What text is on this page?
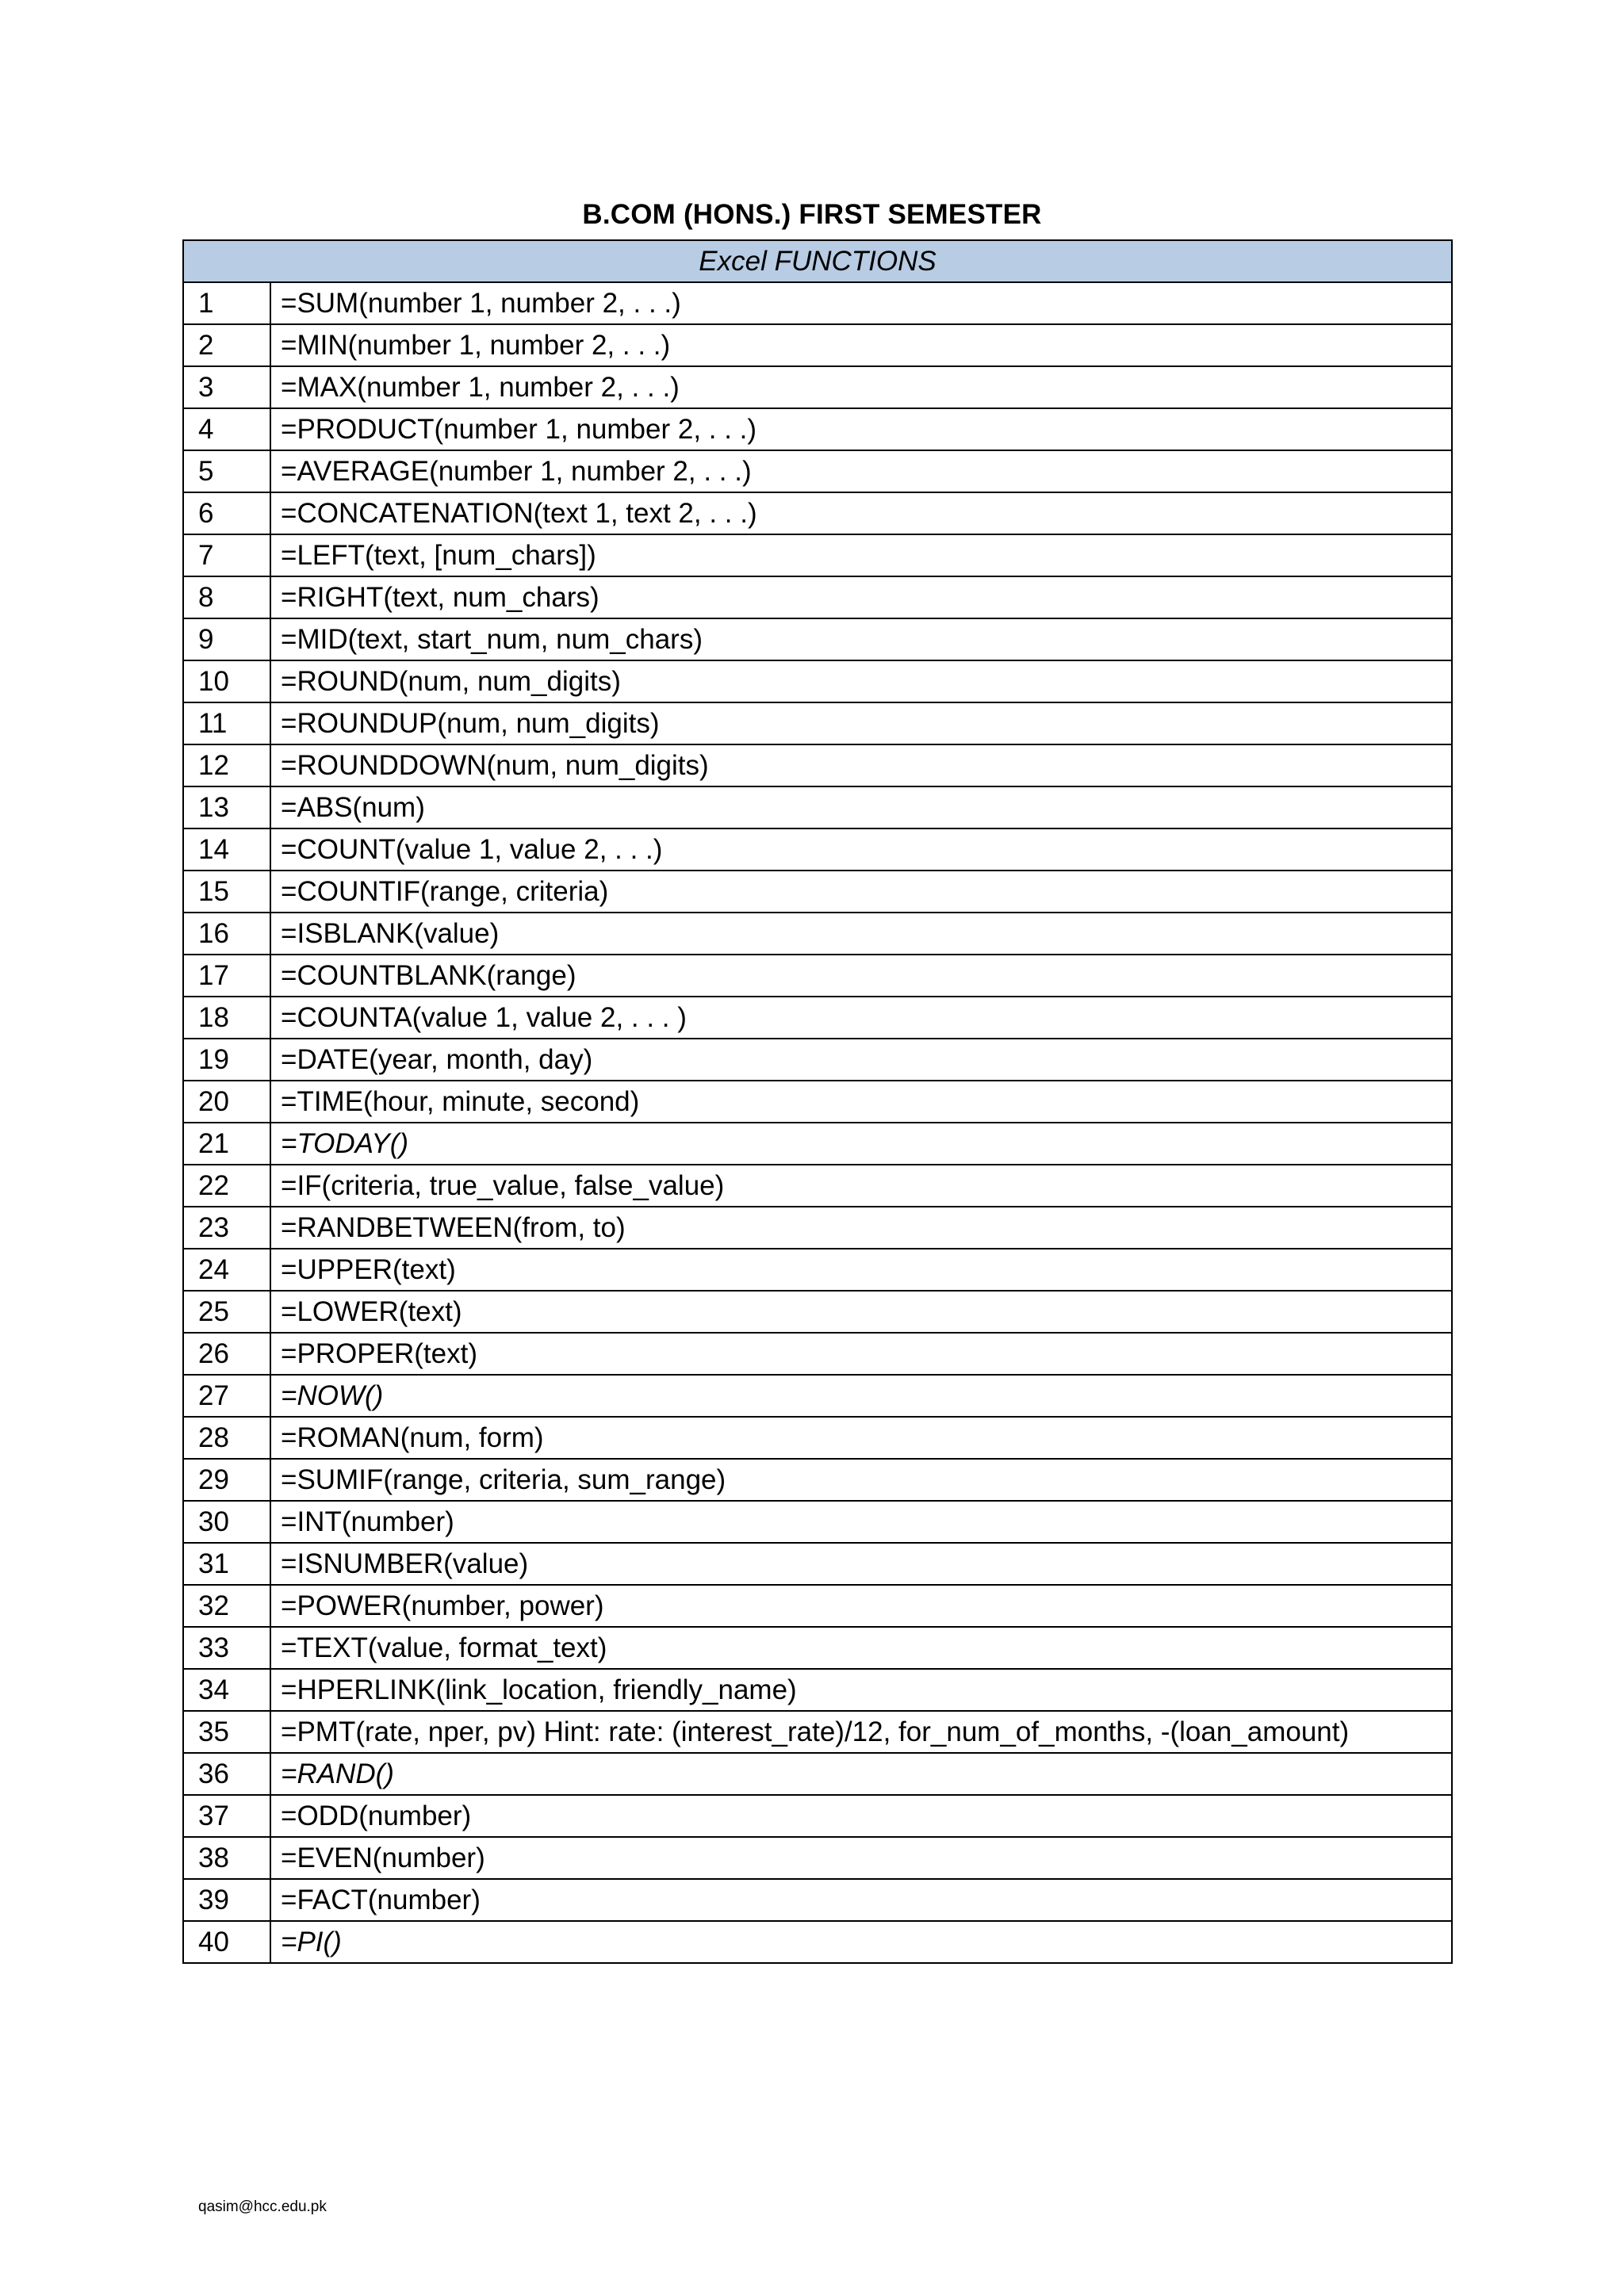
B.COM (HONS.) FIRST SEMESTER
Excel FUNCTIONS	
1	=SUM(number 1, number 2, . . .)
2	=MIN(number 1, number 2, . . .)
3	=MAX(number 1, number 2, . . .)
4	=PRODUCT(number 1, number 2, . . .)
5	=AVERAGE(number 1, number 2, . . .)
6	=CONCATENATION(text 1, text 2, . . .)
7	=LEFT(text, [num_chars])
8	=RIGHT(text, num_chars)
9	=MID(text, start_num, num_chars)
10	=ROUND(num, num_digits)
11	=ROUNDUP(num, num_digits)
12	=ROUNDDOWN(num, num_digits)
13	=ABS(num)
14	=COUNT(value 1, value 2, . . .)
15	=COUNTIF(range, criteria)
16	=ISBLANK(value)
17	=COUNTBLANK(range)
18	=COUNTA(value 1, value 2, . . . )
19	=DATE(year, month, day)
20	=TIME(hour, minute, second)
21	=TODAY()
22	=IF(criteria, true_value, false_value)
23	=RANDBETWEEN(from, to)
24	=UPPER(text)
25	=LOWER(text)
26	=PROPER(text)
27	=NOW()
28	=ROMAN(num, form)
29	=SUMIF(range, criteria, sum_range)
30	=INT(number)
31	=ISNUMBER(value)
32	=POWER(number, power)
33	=TEXT(value, format_text)
34	=HPERLINK(link_location, friendly_name)
35	=PMT(rate, nper, pv) Hint: rate: (interest_rate)/12, for_num_of_months, -(loan_amount)
36	=RAND()
37	=ODD(number)
38	=EVEN(number)
39	=FACT(number)
40	=PI()
qasim@hcc.edu.pk
